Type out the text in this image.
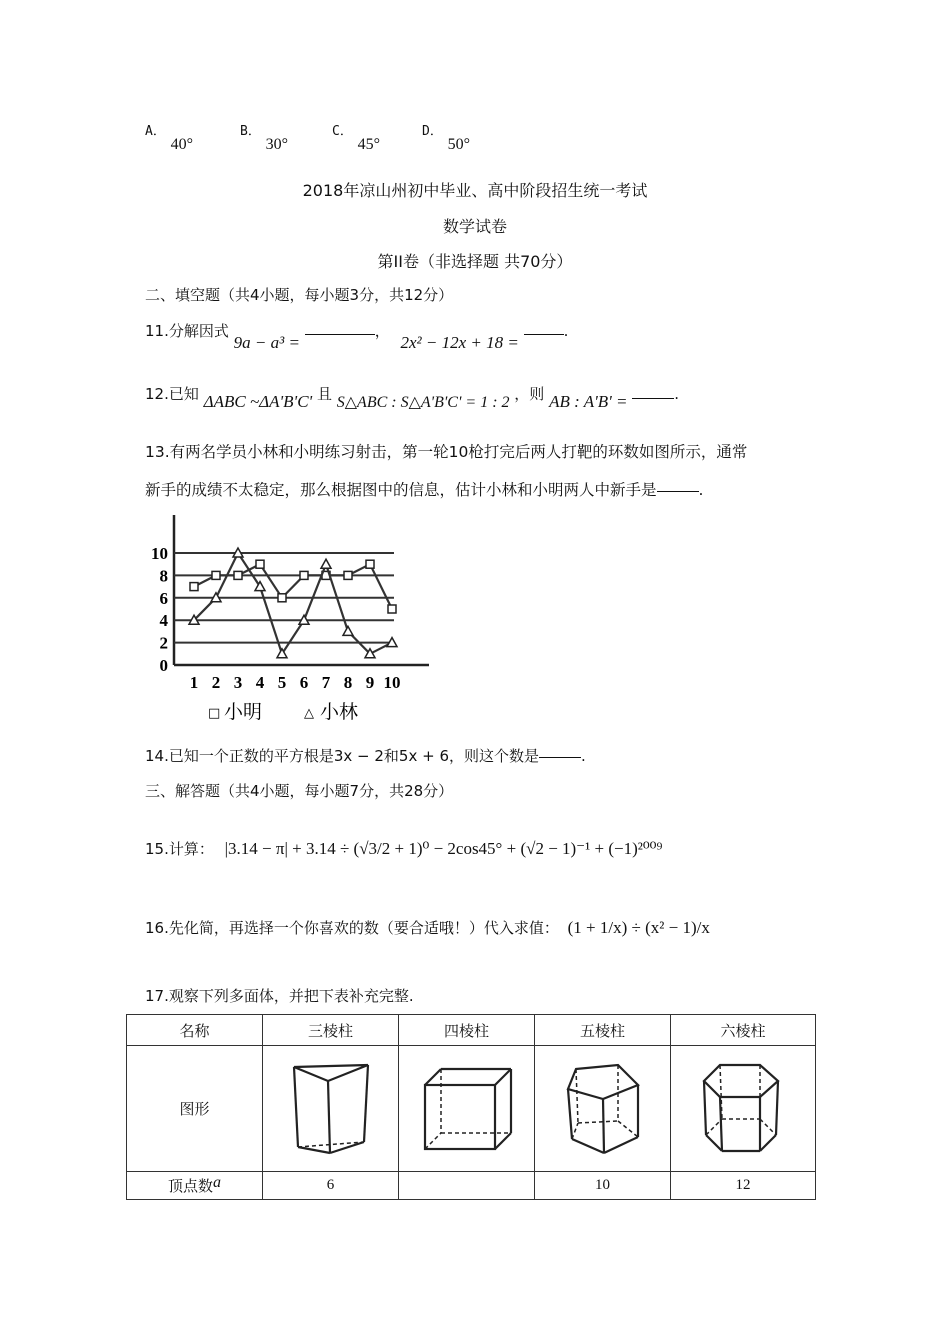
A． 40°
B． 30°
C． 45°
D． 50°
2018年凉山州初中毕业、高中阶段招生统一考试
数学试卷
第II卷（非选择题 共70分）
二、填空题（共4小题，每小题3分，共12分）
11.分解因式 9a − a³ = ， 2x² − 12x + 18 = .
12.已知 ΔABC ~ΔA'B'C' 且 S△ABC : S△A'B'C' = 1 : 2 ，则 AB : A'B' =	.
13.有两名学员小林和小明练习射击，第一轮10枪打完后两人打靶的环数如图所示，通常
新手的成绩不太稳定，那么根据图中的信息，估计小林和小明两人中新手是	.
0
2
4
6
8
10
1 2 3 4 5 6 7 8 9 10
□ 小明	△ 小林
14.已知一个正数的平方根是3x − 2和5x + 6，则这个数是	.
三、解答题（共4小题，每小题7分，共28分）
15.计算： |3.14 − π| + 3.14 ÷ (√3/2 + 1)⁰ − 2cos45° + (√2 − 1)⁻¹ + (−1)²⁰⁰⁹
16.先化简，再选择一个你喜欢的数（要合适哦！）代入求值： (1 + 1/x) ÷ (x² − 1)/x
17.观察下列多面体，并把下表补充完整.
名称	三棱柱	四棱柱	五棱柱	六棱柱
图形				
顶点数a	6		10	12
